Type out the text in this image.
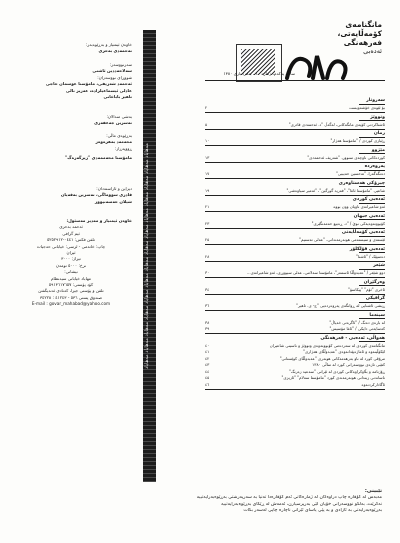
خاوەن ئیمتیاز و بەڕێوەبەر:
تەحمەدی بەحری
سەرنووسەر:
سەلاحەددین ئاشتی
شووڕای نووسەران:
ئەحمەد شەریفی، مامۆستا عوسمان حاجی
عادلی ئیسماعیلزادە، عەزیز نالی
تاهیر باباخانی
بەشی مندالان:
تەسرین جەعفەری
بەڕێوەی ماڵی:
محەمەد بەهرەوەر
ڕووپەڕاز:
مامۆستا محەممەدی "ژیرگەرەگ"
دیزاین و ئاراستەدان:
قادری سووماگی، تەسرین بەقەیان
شیلان حەسەنپوور
خاوەن ئیمتیاز و مەدیر مەسئول:
ئەحمد بەحری
ئیم گرافی
تلفن فکس: ٠٤٤١-٥٢٥٢٩١٢
چاپ: خاتەمی - ٹرسی: خیابانی حەجیات
ئیران
تیراژ: ٣٠٠٠
نرخ: ٥٠٠٠ تومەن
نیشانی:
مهاباد خیابانی سیدنظام
کۆد پۆستی: ٥٩١٣٦١٧٦٥٧
تلفن و پۆستی جیرا، کەنادی ئەندیگفتن
صندوق پستی ٥٣٦ - ٤١٢٤٣ : ٣٤٢٢٨
E-mail : govar_mahabad@yahoo.com	مەهاباد مەهاباد مەهاباد مەهاباد مەهاباد مەهاباد مەهاباد مەهاباد مەهاباد مەهاباد مەهاباد مەهاباد مەهاباد مەهاباد
مانگنامەی
کۆمەڵایەتی،
فەرهەنگی
ئەدەبی
ساڵی یەکەم، ژمارە ١٠ ، بەفرانباری ١٣٨٠
سەروتار
بۆ ئێوەی خۆشەویست
٢
وتووێژ
ئاشناکردنی کۆیەی مانگەکانی، لەگەڵ "د. ئەحمەدی قادری"
٥
زمان
ڕێبازی کوردی / "مامۆستا هەژار"
١٠
مێژوو
کوردەکانی ناوچەی سنوور، "شەریف ئەحمەدی"
١٣
پەروەردە
دەنگەگەرا، "تەحسین حەبیبی"
١٧
چیرۆکی هەستاوەری
شاعیر، "مامۆستا ئاغا"، "فەرید گورگین"، "ئەمیر سیاوەشی"
١٩
ئەدەبی کوردی
ئەو شاعیرانەی ناویان وون بووە
٢١
ئەدەبی جیهان
کۆبوونەوەیەکی نوێ / "د. ڕەبیع حەمەنگێری"
٢٣
ئەدەبی کۆمەڵایەتی
ئێستەی و سیستەمی هونەرمەندانی، "عەلی تەسنیم"
٢٥
ئەدەبی فۆلکلۆر
دەسپێک / "ئاشنا"
٢٨
شێعر
دوو شێعر / "عەبدوڵڵا ئاسمەر"، مامۆستا سەلامی، عەلی سیووڕی، ئەو شاعیرانەی...
٣٠
وەرگێڕان
ئاخری "ئۆم" "پیکاسۆ"
٣٤
گرافیکی
ڕیشی ئاشنایی لە ڕوانگەی پەروەردەیی "ج- ی. تاهیر"
٣٦
سینەما
لە بارەی دەنگ / "ئاگرەتی خەیاڵ"
٣٨
کەسایەتی دایکی / "ئاغا مۆسیس"
٣٩
هەواڵی، ئەدەبی - فەرهەنگی
مانگنامەی کوردی لە سەردەمی کۆبوونەوەی وتووێژ و ناسینی شاعیران
٤٠
لێکۆڵینەوە و ئاماژەپێدانەوەی "عەبدوڵڵای هەژاری"
٤١
مرۆڤی کورد لە ناو بەرهەمەکانی هونەری "عەبدوڵڵای کوێستانی"
٤٢
کتێبی تازەی نووسەرانی کورد لە ساڵی ١٣٨٠
٤٣
ڕۆژنامە و بڵاوکراوەکانی کوردی لە ئێرانی "سەعید زەرنگ"
٤٤
ناساندنی زیندانی هونەرمەندی کورد "مامۆستا سەلام" "ئازیزی"
٤٥
ئاگادارکردنەوە
٤٦
تێبینی:
مەبەس لە گۆڤارە چاپ دراوەکان لە ژمارەکانی ئەم گۆڤارەدا تەنیا بە سەرپەرشتی بەڕێوەبەرایەتییە
نەکرێت، بەڵکو نووسەرانی خۆیان لێی بەرپرسیارن، ئەمەش لە ڕێگای بەڕێوەبەرایەتییە
بەڕێوەبەرایەتی بە ئازادی و بە پێی یاسای ئێرانی ناچارە چاپی لەسەر بکات
